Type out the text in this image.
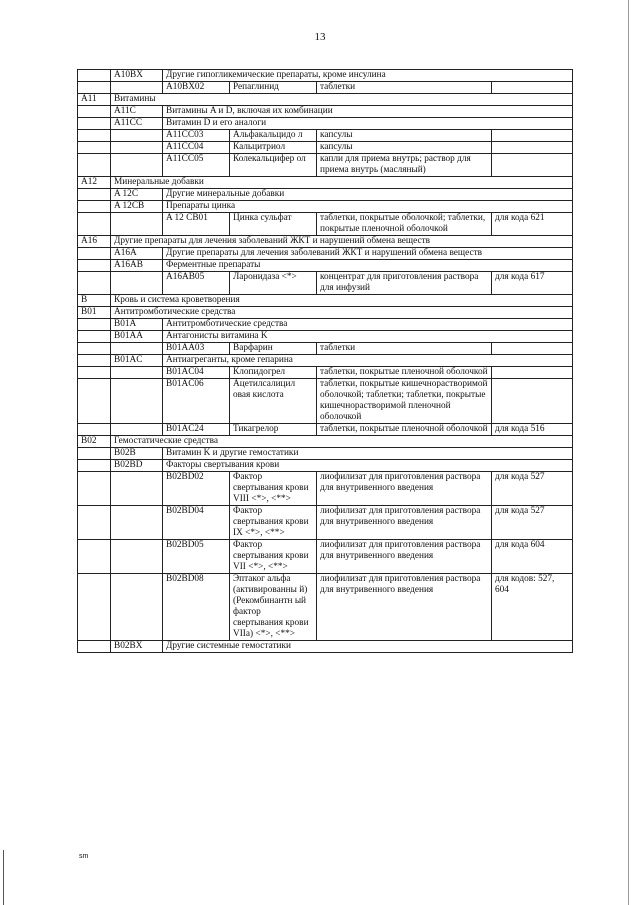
13
	A10BX	Другие гипогликемические препараты, кроме инсулина			
		A10BX02	Репаглинид	таблетки	
A11	Витамины				
	A11C	Витамины A и D, включая их комбинации			
	A11CC	Витамин D и его аналоги			
		A11CC03	Альфакальцидо л	капсулы	
		A11CC04	Кальцитриол	капсулы	
		A11CC05	Колекальцифер ол	капли для приема внутрь; раствор для приема внутрь (масляный)	
A12	Минеральные добавки				
	A 12C	Другие минеральные добавки			
	A 12CB	Препараты цинка			
		A 12 CB01	Цинка сульфат	таблетки, покрытые оболочкой; таблетки, покрытые пленочной оболочкой	для кода 621
A16	Другие препараты для лечения заболеваний ЖКТ и нарушений обмена веществ				
	A16A	Другие препараты для лечения заболеваний ЖКТ и нарушений обмена веществ			
	A16AB	Ферментные препараты			
		A16AB05	Ларонидаза <*>	концентрат для приготовления раствора для инфузий	для кода 617
B	Кровь и система кроветворения				
B01	Антитромботические средства				
	B01A	Антитромботические средства			
	B01AA	Антагонисты витамина K			
		B01AA03	Варфарин	таблетки	
	B01AC	Антиагреганты, кроме гепарина			
		B01AC04	Клопидогрел	таблетки, покрытые пленочной оболочкой	
		B01AC06	Ацетилсалицил овая кислота	таблетки, покрытые кишечнорастворимой оболочкой; таблетки; таблетки, покрытые кишечнорастворимой пленочной оболочкой	
		B01AC24	Тикагрелор	таблетки, покрытые пленочной оболочкой	для кода 516
B02	Гемостатические средства				
	B02B	Витамин K и другие гемостатики			
	B02BD	Факторы свертывания крови			
		B02BD02	Фактор свертывания крови VIII <*>, <**>	лиофилизат для приготовления раствора для внутривенного введения	для кода 527
		B02BD04	Фактор свертывания крови IX <*>, <**>	лиофилизат для приготовления раствора для внутривенного введения	для кода 527
		B02BD05	Фактор свертывания крови VII <*>, <**>	лиофилизат для приготовления раствора для внутривенного введения	для кода 604
		B02BD08	Эптаког альфа (активированны й) (Рекомбинантн ый фактор свертывания крови VIIa) <*>, <**>	лиофилизат для приготовления раствора для внутривенного введения	для кодов: 527, 604
	B02BX	Другие системные гемостатики			
sm
